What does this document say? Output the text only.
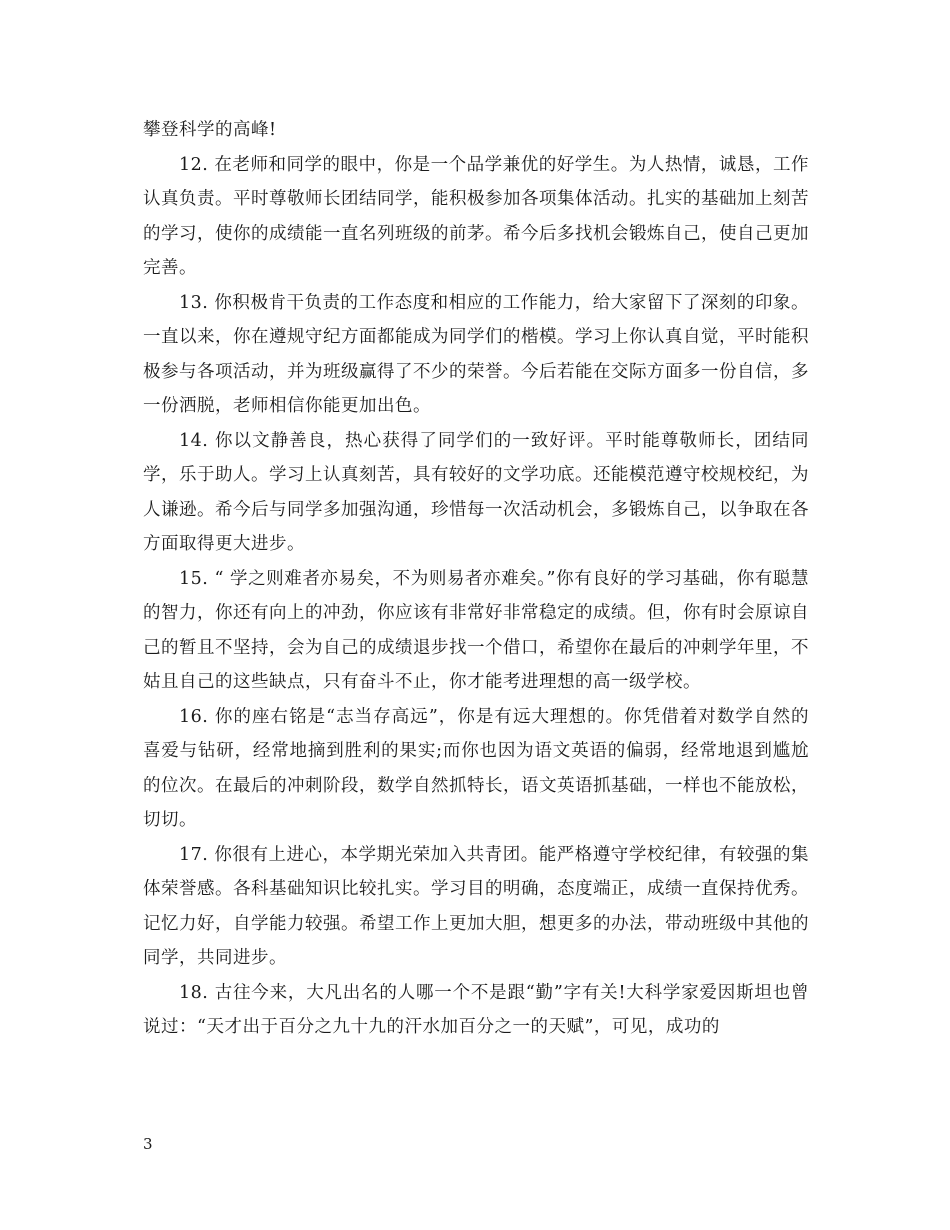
攀登科学的高峰!

12. 在老师和同学的眼中，你是一个品学兼优的好学生。为人热情，诚恳，工作认真负责。平时尊敬师长团结同学，能积极参加各项集体活动。扎实的基础加上刻苦的学习，使你的成绩能一直名列班级的前茅。希今后多找机会锻炼自己，使自己更加完善。

13. 你积极肯干负责的工作态度和相应的工作能力，给大家留下了深刻的印象。一直以来，你在遵规守纪方面都能成为同学们的楷模。学习上你认真自觉，平时能积极参与各项活动，并为班级赢得了不少的荣誉。今后若能在交际方面多一份自信，多一份洒脱，老师相信你能更加出色。

14. 你以文静善良，热心获得了同学们的一致好评。平时能尊敬师长，团结同学，乐于助人。学习上认真刻苦，具有较好的文学功底。还能模范遵守校规校纪，为人谦逊。希今后与同学多加强沟通，珍惜每一次活动机会，多锻炼自己，以争取在各方面取得更大进步。

15. “ 学之则难者亦易矣，不为则易者亦难矣。”你有良好的学习基础，你有聪慧的智力，你还有向上的冲劲，你应该有非常好非常稳定的成绩。但，你有时会原谅自己的暂且不坚持，会为自己的成绩退步找一个借口，希望你在最后的冲刺学年里，不姑且自己的这些缺点，只有奋斗不止，你才能考进理想的高一级学校。

16. 你的座右铭是“志当存高远”，你是有远大理想的。你凭借着对数学自然的喜爱与钻研，经常地摘到胜利的果实;而你也因为语文英语的偏弱，经常地退到尴尬的位次。在最后的冲刺阶段，数学自然抓特长，语文英语抓基础，一样也不能放松，切切。

17. 你很有上进心，本学期光荣加入共青团。能严格遵守学校纪律，有较强的集体荣誉感。各科基础知识比较扎实。学习目的明确，态度端正，成绩一直保持优秀。记忆力好，自学能力较强。希望工作上更加大胆，想更多的办法，带动班级中其他的同学，共同进步。

18. 古往今来，大凡出名的人哪一个不是跟“勤”字有关!大科学家爱因斯坦也曾说过：“天才出于百分之九十九的汗水加百分之一的天赋”，可见，成功的

3
